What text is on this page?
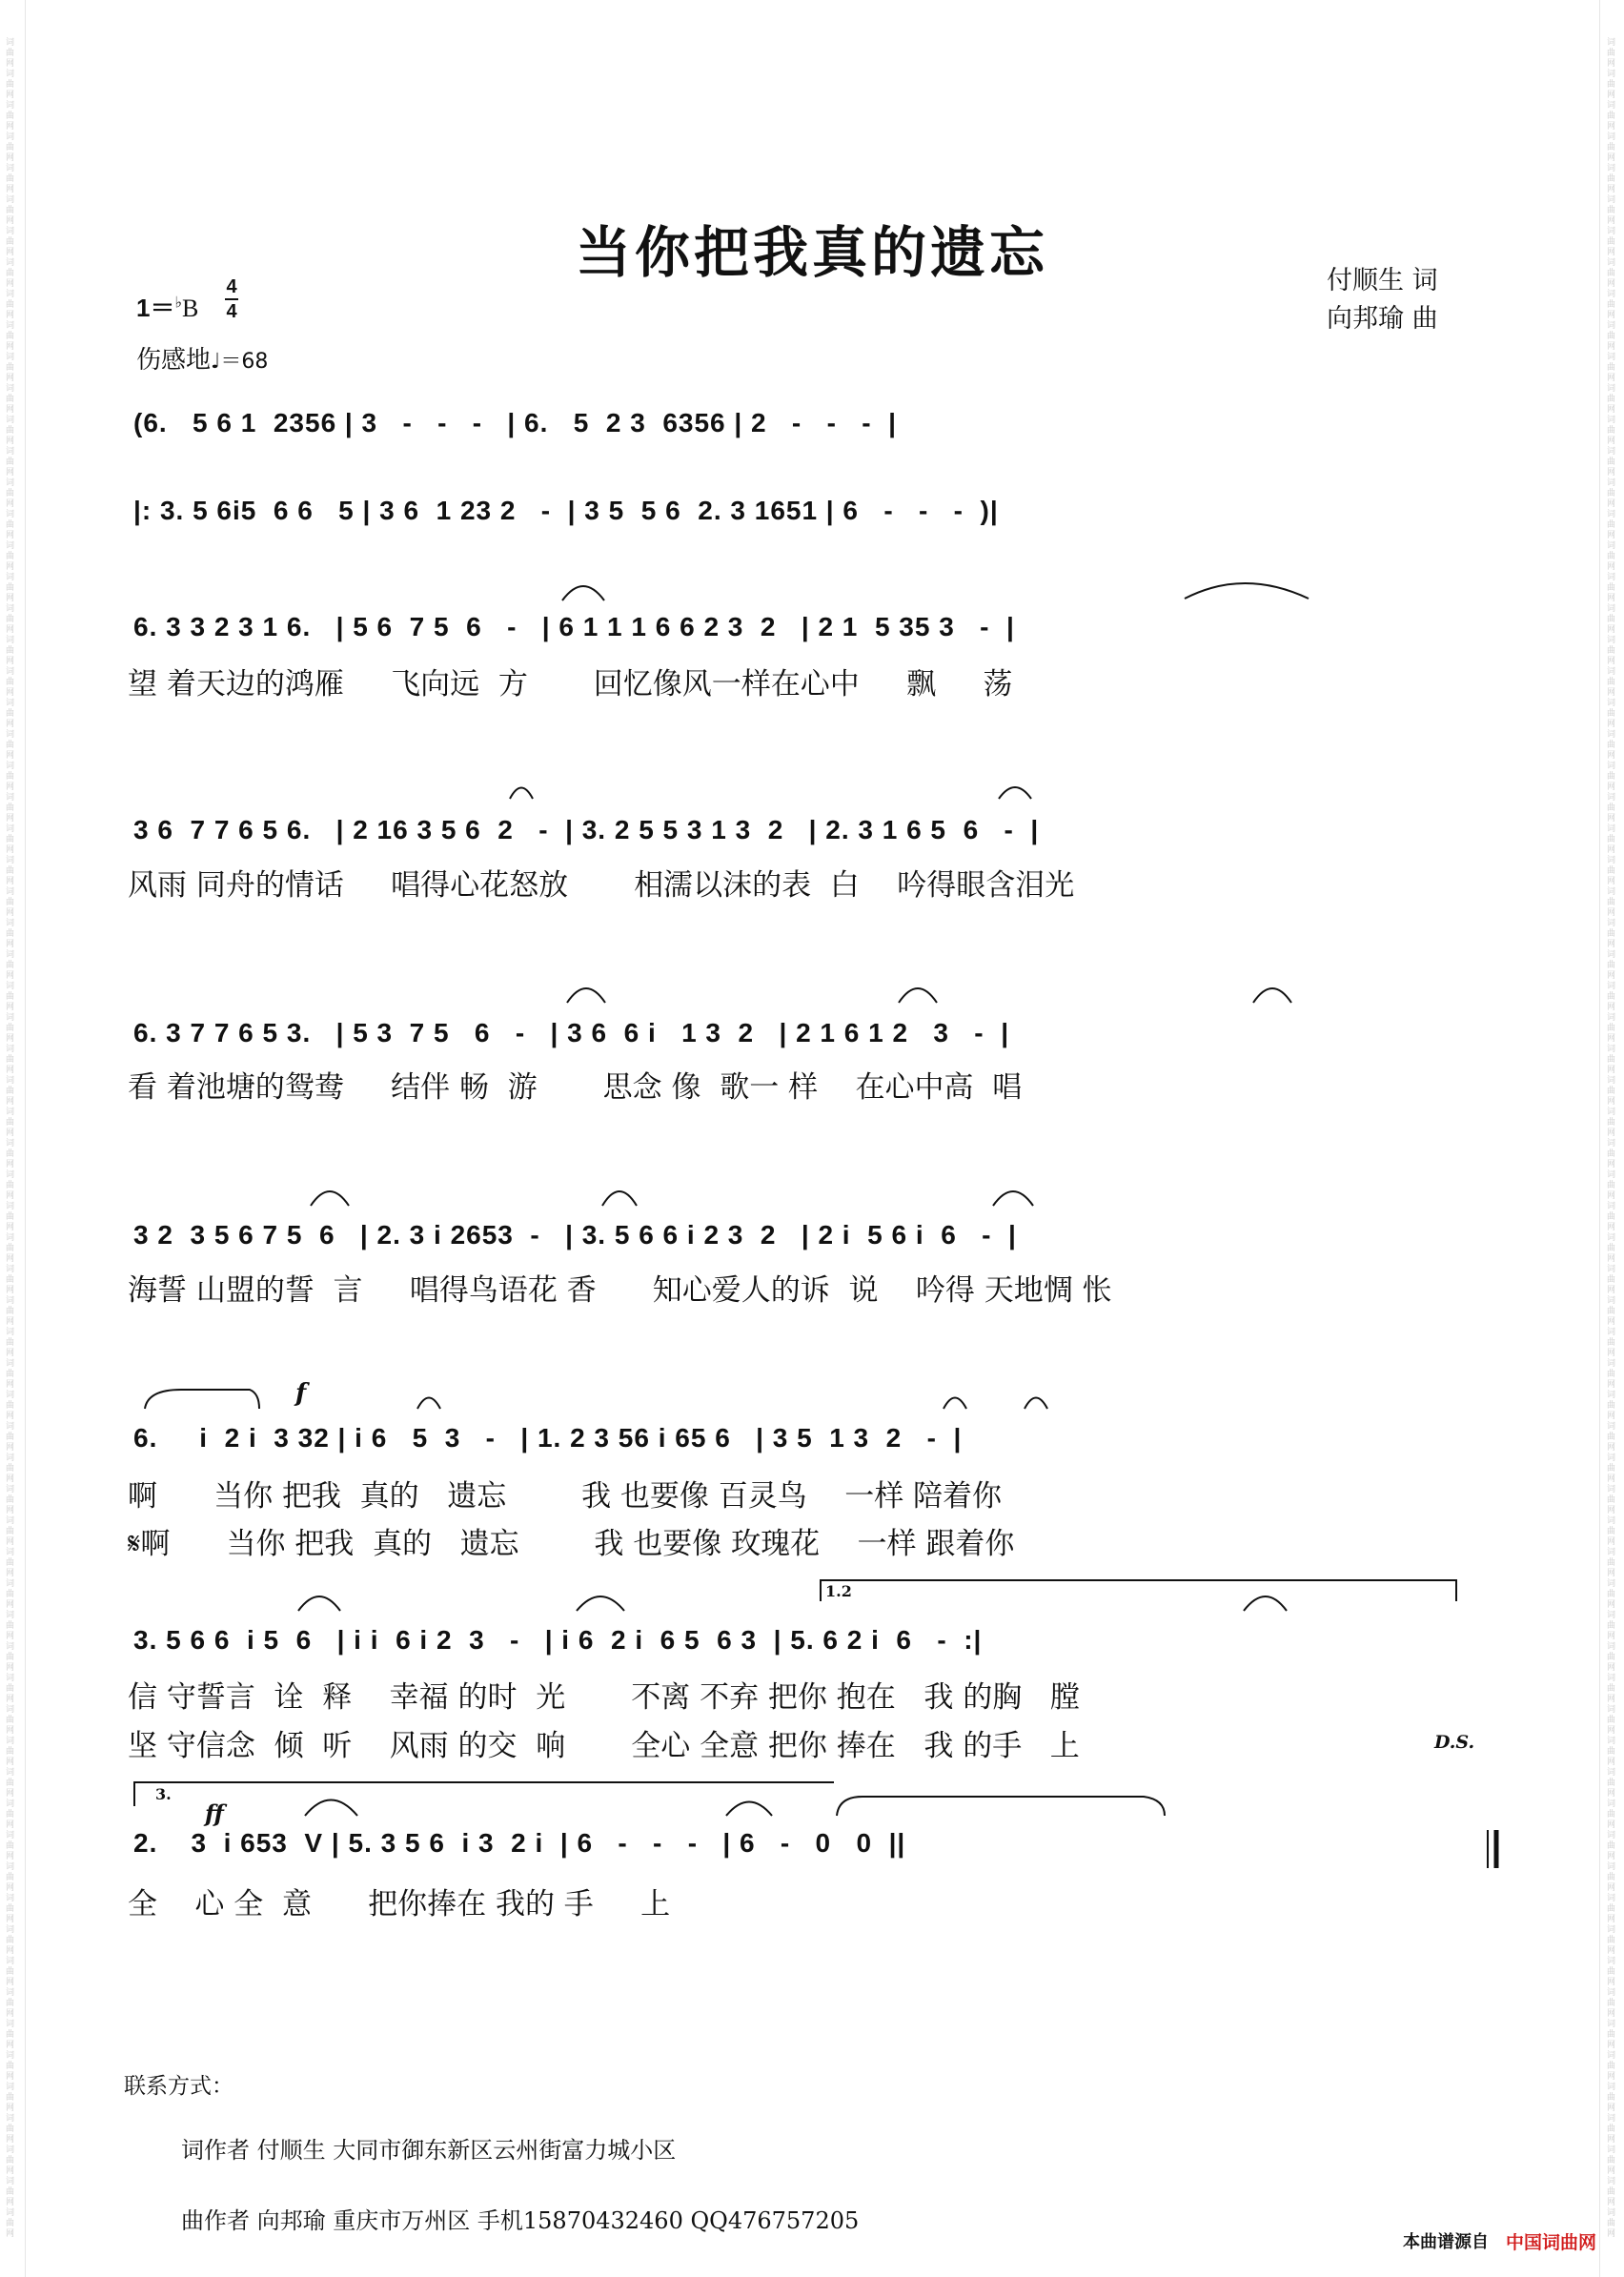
当你把我真的遗忘	付顺生 词
向邦瑜 曲
1＝♭B
4
4
伤感地♩＝68
(6.   5 6 1  2356 | 3   -   -   -   | 6.   5  2 3  6356 | 2   -   -   -  |
|: 3. 5 6i5  6 6   5 | 3 6  1 23 2   -  | 3 5  5 6  2. 3 1651 | 6   -   -   -  )|
6. 3 3 2 3 1 6.   | 5 6  7 5  6   -   | 6 1 1 1 6 6 2 3  2   | 2 1  5 35 3   -  |
望 着天边的鸿雁     飞向远  方       回忆像风一样在心中     飘     荡
3 6  7 7 6 5 6.   | 2 16 3 5 6  2   -  | 3. 2 5 5 3 1 3  2   | 2. 3 1 6 5  6   -  |
风雨 同舟的情话     唱得心花怒放       相濡以沫的表  白    吟得眼含泪光
6. 3 7 7 6 5 3.   | 5 3  7 5   6   -   | 3 6  6 i   1 3  2   | 2 1 6 1 2   3   -  |
看 着池塘的鸳鸯     结伴 畅  游       思念 像  歌一 样    在心中高  唱
3 2  3 5 6 7 5  6   | 2. 3 i 2653  -   | 3. 5 6 6 i 2 3  2   | 2 i  5 6 i  6   -  |
海誓 山盟的誓  言     唱得鸟语花 香      知心爱人的诉  说    吟得 天地惆 怅
f
6.     i  2 i  3 32 | i 6   5  3   -   | 1. 2 3 56 i 65 6   | 3 5  1 3  2   -  |
啊      当你 把我  真的   遗忘        我 也要像 百灵鸟    一样 陪着你
𝄋啊      当你 把我  真的   遗忘        我 也要像 玫瑰花    一样 跟着你
1.2
3. 5 6 6  i 5  6   | i i  6 i 2  3   -   | i 6  2 i  6 5  6 3  | 5. 6 2 i  6   -  :|
信 守誓言  诠  释    幸福 的时  光       不离 不弃 把你 抱在   我 的胸   膛
坚 守信念  倾  听    风雨 的交  响       全心 全意 把你 捧在   我 的手   上	D.S.
3.
ff
2.    3  i 653  V | 5. 3 5 6  i 3  2 i  | 6   -   -   -   | 6   -   0   0  ||
全    心 全  意      把你捧在 我的 手     上
联系方式：
词作者 付顺生 大同市御东新区云州街富力城小区
曲作者 向邦瑜 重庆市万州区 手机15870432460 QQ476757205
本曲谱源自 中国词曲网
词曲网词曲网词曲网词曲网词曲网词曲网词曲网词曲网词曲网词曲网词曲网词曲网词曲网词曲网词曲网词曲网词曲网词曲网词曲网词曲网词曲网词曲网词曲网词曲网词曲网词曲网词曲网词曲网词曲网词曲网词曲网词曲网词曲网词曲网词曲网词曲网词曲网词曲网词曲网词曲网词曲网词曲网词曲网词曲网词曲网词曲网词曲网词曲网词曲网词曲网词曲网词曲网词曲网词曲网词曲网词曲网词曲网词曲网词曲网词曲网词曲网词曲网词曲网词曲网词曲网词曲网词曲网词曲网词曲网词曲网
词曲网词曲网词曲网词曲网词曲网词曲网词曲网词曲网词曲网词曲网词曲网词曲网词曲网词曲网词曲网词曲网词曲网词曲网词曲网词曲网词曲网词曲网词曲网词曲网词曲网词曲网词曲网词曲网词曲网词曲网词曲网词曲网词曲网词曲网词曲网词曲网词曲网词曲网词曲网词曲网词曲网词曲网词曲网词曲网词曲网词曲网词曲网词曲网词曲网词曲网词曲网词曲网词曲网词曲网词曲网词曲网词曲网词曲网词曲网词曲网词曲网词曲网词曲网词曲网词曲网词曲网词曲网词曲网词曲网词曲网
